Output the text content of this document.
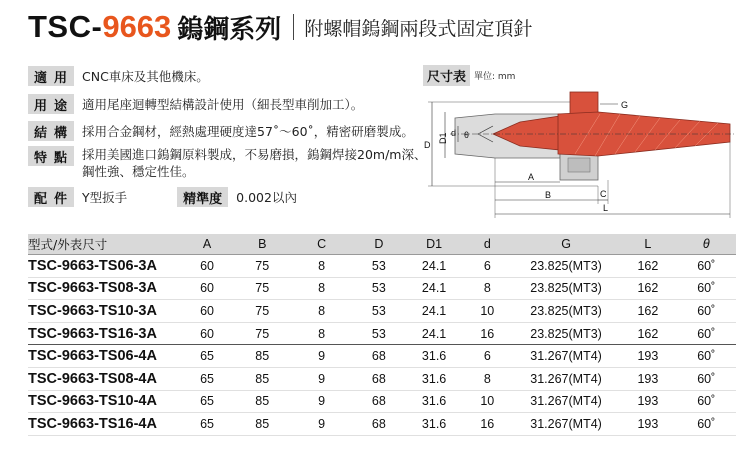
TSC- 9663 鎢鋼系列 附螺帽鎢鋼兩段式固定頂針
適 用 CNC車床及其他機床。
用 途 適用尾座迴轉型結構設計使用（細長型車削加工）。
結 構 採用合金鋼材，經熱處理硬度達57˚～60˚，精密研磨製成。
特 點 採用美國進口鎢鋼原料製成，不易磨損，鎢鋼焊接20m/m深、
鋼性強、穩定性佳。
配 件 Y型扳手	精準度	0.002以內
尺寸表 單位: mm
D
D1 d θ
G
A
B	C
L
型式/外表尺寸	A	B	C	D	D1	d	G	L	θ
TSC-9663-TS06-3A	60	75	8	53	24.1	6	23.825(MT3)	162	60˚
TSC-9663-TS08-3A	60	75	8	53	24.1	8	23.825(MT3)	162	60˚
TSC-9663-TS10-3A	60	75	8	53	24.1	10	23.825(MT3)	162	60˚
TSC-9663-TS16-3A	60	75	8	53	24.1	16	23.825(MT3)	162	60˚
TSC-9663-TS06-4A	65	85	9	68	31.6	6	31.267(MT4)	193	60˚
TSC-9663-TS08-4A	65	85	9	68	31.6	8	31.267(MT4)	193	60˚
TSC-9663-TS10-4A	65	85	9	68	31.6	10	31.267(MT4)	193	60˚
TSC-9663-TS16-4A	65	85	9	68	31.6	16	31.267(MT4)	193	60˚
